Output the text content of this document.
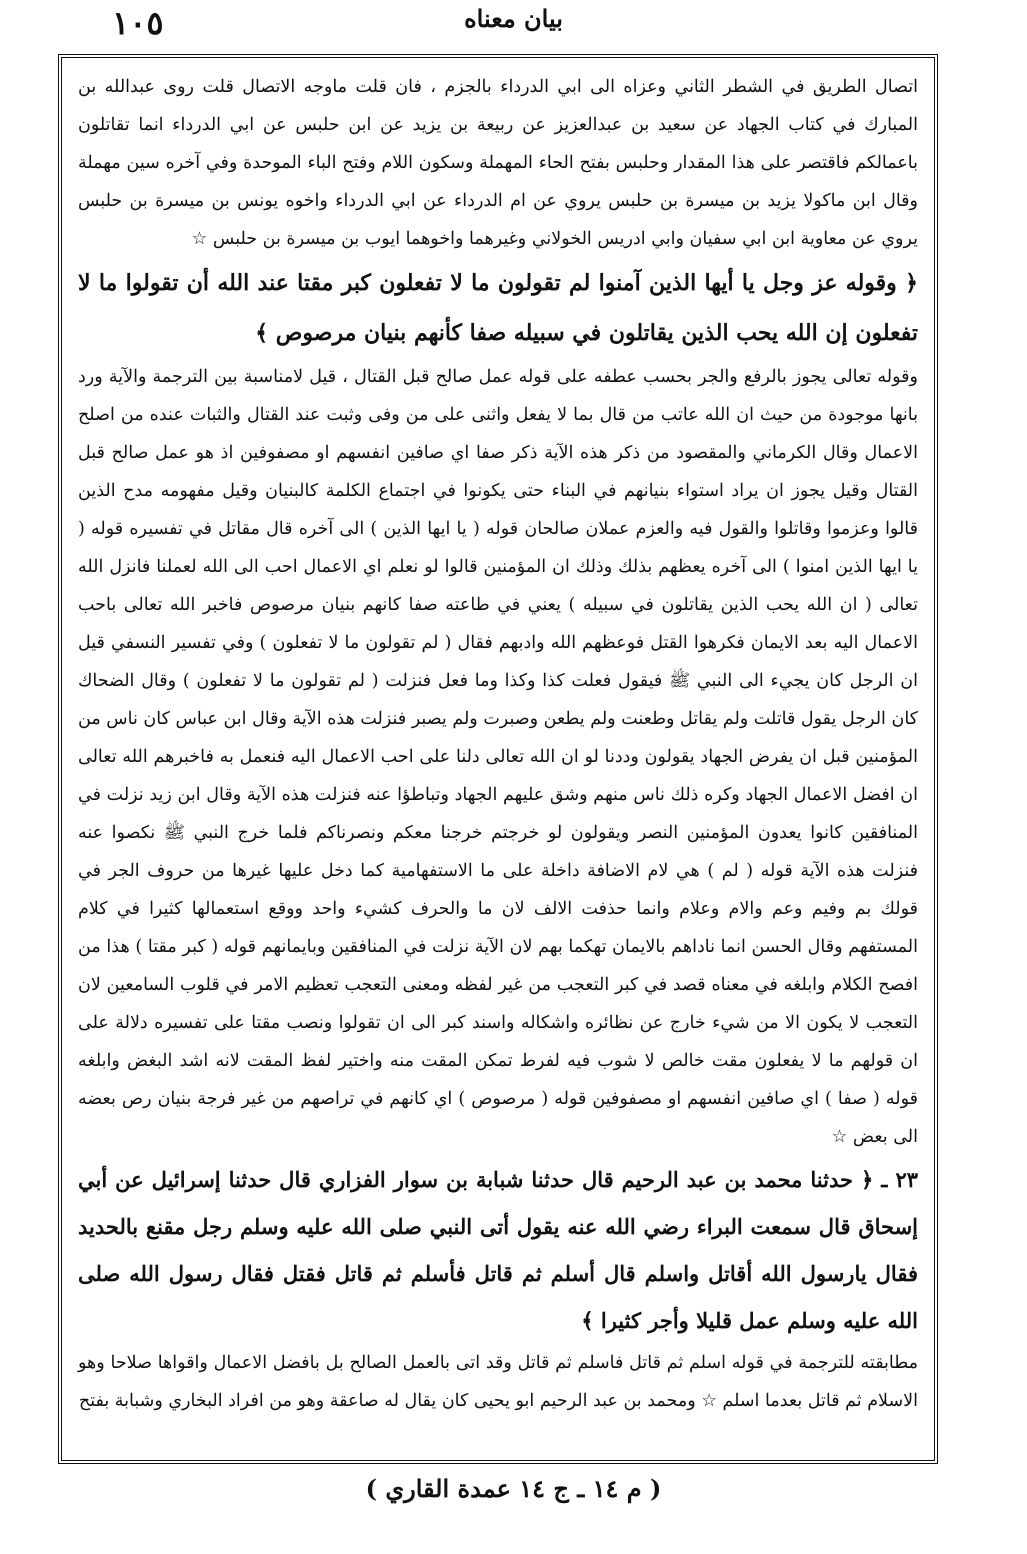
١٠٥	بيان معناه
اتصال الطريق في الشطر الثاني وعزاه الى ابي الدرداء بالجزم ، فان قلت ماوجه الاتصال قلت روى عبدالله بن المبارك في كتاب الجهاد عن سعيد بن عبدالعزيز عن ربيعة بن يزيد عن ابن حلبس عن ابي الدرداء انما تقاتلون باعمالكم فاقتصر على هذا المقدار وحلبس بفتح الحاء المهملة وسكون اللام وفتح الباء الموحدة وفي آخره سين مهملة وقال ابن ماكولا يزيد بن ميسرة بن حلبس يروي عن ام الدرداء عن ابي الدرداء واخوه يونس بن ميسرة بن حلبس يروي عن معاوية ابن ابي سفيان وابي ادريس الخولاني وغيرهما واخوهما ايوب بن ميسرة بن حلبس ☆
﴿ وقوله عز وجل يا أيها الذين آمنوا لم تقولون ما لا تفعلون كبر مقتا عند الله أن تقولوا ما لا تفعلون إن الله يحب الذين يقاتلون في سبيله صفا كأنهم بنيان مرصوص ﴾
وقوله تعالى يجوز بالرفع والجر بحسب عطفه على قوله عمل صالح قبل القتال ، قيل لامناسبة بين الترجمة والآية ورد بانها موجودة من حيث ان الله عاتب من قال بما لا يفعل واثنى على من وفى وثبت عند القتال والثبات عنده من اصلح الاعمال وقال الكرماني والمقصود من ذكر هذه الآية ذكر صفا اي صافين انفسهم او مصفوفين اذ هو عمل صالح قبل القتال وقيل يجوز ان يراد استواء بنيانهم في البناء حتى يكونوا في اجتماع الكلمة كالبنيان وقيل مفهومه مدح الذين قالوا وعزموا وقاتلوا والقول فيه والعزم عملان صالحان قوله ( يا ايها الذين ) الى آخره قال مقاتل في تفسيره قوله ( يا ايها الذين امنوا ) الى آخره يعظهم بذلك وذلك ان المؤمنين قالوا لو نعلم اي الاعمال احب الى الله لعملنا فانزل الله تعالى ( ان الله يحب الذين يقاتلون في سبيله ) يعني في طاعته صفا كانهم بنيان مرصوص فاخبر الله تعالى باحب الاعمال اليه بعد الايمان فكرهوا القتل فوعظهم الله وادبهم فقال ( لم تقولون ما لا تفعلون ) وفي تفسير النسفي قيل ان الرجل كان يجيء الى النبي ﷺ فيقول فعلت كذا وكذا وما فعل فنزلت ( لم تقولون ما لا تفعلون ) وقال الضحاك كان الرجل يقول قاتلت ولم يقاتل وطعنت ولم يطعن وصبرت ولم يصبر فنزلت هذه الآية وقال ابن عباس كان ناس من المؤمنين قبل ان يفرض الجهاد يقولون وددنا لو ان الله تعالى دلنا على احب الاعمال اليه فنعمل به فاخبرهم الله تعالى ان افضل الاعمال الجهاد وكره ذلك ناس منهم وشق عليهم الجهاد وتباطؤا عنه فنزلت هذه الآية وقال ابن زيد نزلت في المنافقين كانوا يعدون المؤمنين النصر ويقولون لو خرجتم خرجنا معكم ونصرناكم فلما خرج النبي ﷺ نكصوا عنه فنزلت هذه الآية قوله ( لم ) هي لام الاضافة داخلة على ما الاستفهامية كما دخل عليها غيرها من حروف الجر في قولك بم وفيم وعم والام وعلام وانما حذفت الالف لان ما والحرف كشيء واحد ووقع استعمالها كثيرا في كلام المستفهم وقال الحسن انما ناداهم بالايمان تهكما بهم لان الآية نزلت في المنافقين وبايمانهم قوله ( كبر مقتا ) هذا من افصح الكلام وابلغه في معناه قصد في كبر التعجب من غير لفظه ومعنى التعجب تعظيم الامر في قلوب السامعين لان التعجب لا يكون الا من شيء خارج عن نظائره واشكاله واسند كبر الى ان تقولوا ونصب مقتا على تفسيره دلالة على ان قولهم ما لا يفعلون مقت خالص لا شوب فيه لفرط تمكن المقت منه واختير لفظ المقت لانه اشد البغض وابلغه قوله ( صفا ) اي صافين انفسهم او مصفوفين قوله ( مرصوص ) اي كانهم في تراصهم من غير فرجة بنيان رص بعضه الى بعض ☆
٢٣ ـ ﴿ حدثنا محمد بن عبد الرحيم قال حدثنا شبابة بن سوار الفزاري قال حدثنا إسرائيل عن أبي إسحاق قال سمعت البراء رضي الله عنه يقول أتى النبي صلى الله عليه وسلم رجل مقنع بالحديد فقال يارسول الله أقاتل واسلم قال أسلم ثم قاتل فأسلم ثم قاتل فقتل فقال رسول الله صلى الله عليه وسلم عمل قليلا وأجر كثيرا ﴾
مطابقته للترجمة في قوله اسلم ثم قاتل فاسلم ثم قاتل وقد اتى بالعمل الصالح بل بافضل الاعمال واقواها صلاحا وهو الاسلام ثم قاتل بعدما اسلم ☆ ومحمد بن عبد الرحيم ابو يحيى كان يقال له صاعقة وهو من افراد البخاري وشبابة بفتح
( م ١٤ ـ ج ١٤ عمدة القاري )
